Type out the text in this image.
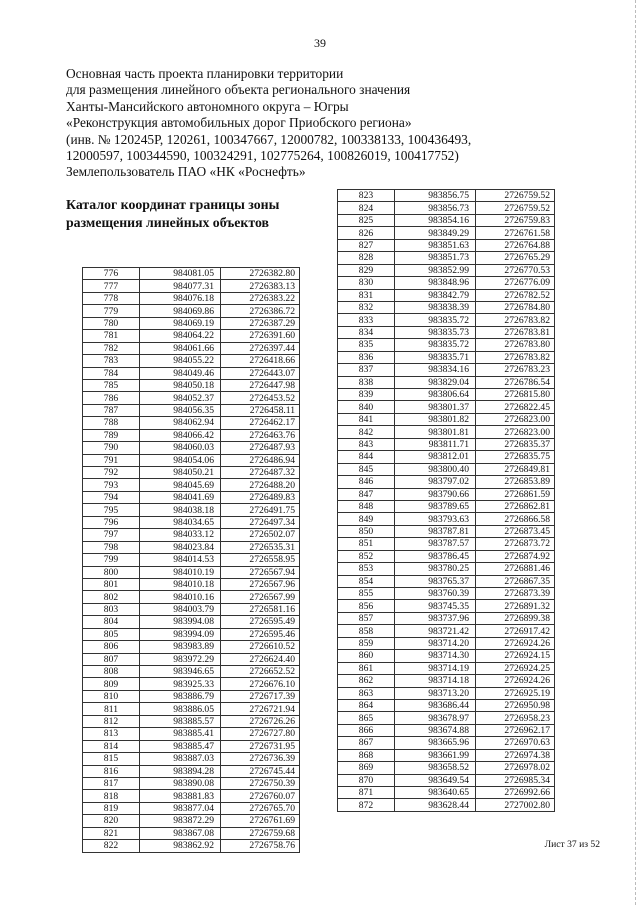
39
Основная часть проекта планировки территории
для размещения линейного объекта регионального значения
Ханты-Мансийского автономного округа – Югры
«Реконструкция автомобильных дорог Приобского региона»
(инв. № 120245Р, 120261, 100347667, 12000782, 100338133, 100436493,
12000597, 100344590, 100324291, 102775264, 100826019, 100417752)
Землепользователь ПАО «НК «Роснефть»
Каталог координат границы зоны
размещения линейных объектов
776	984081.05	2726382.80
777	984077.31	2726383.13
778	984076.18	2726383.22
779	984069.86	2726386.72
780	984069.19	2726387.29
781	984064.22	2726391.60
782	984061.66	2726397.44
783	984055.22	2726418.66
784	984049.46	2726443.07
785	984050.18	2726447.98
786	984052.37	2726453.52
787	984056.35	2726458.11
788	984062.94	2726462.17
789	984066.42	2726463.76
790	984060.03	2726487.93
791	984054.06	2726486.94
792	984050.21	2726487.32
793	984045.69	2726488.20
794	984041.69	2726489.83
795	984038.18	2726491.75
796	984034.65	2726497.34
797	984033.12	2726502.07
798	984023.84	2726535.31
799	984014.53	2726558.95
800	984010.19	2726567.94
801	984010.18	2726567.96
802	984010.16	2726567.99
803	984003.79	2726581.16
804	983994.08	2726595.49
805	983994.09	2726595.46
806	983983.89	2726610.52
807	983972.29	2726624.40
808	983946.65	2726652.52
809	983925.33	2726676.10
810	983886.79	2726717.39
811	983886.05	2726721.94
812	983885.57	2726726.26
813	983885.41	2726727.80
814	983885.47	2726731.95
815	983887.03	2726736.39
816	983894.28	2726745.44
817	983890.08	2726750.39
818	983881.83	2726760.07
819	983877.04	2726765.70
820	983872.29	2726761.69
821	983867.08	2726759.68
822	983862.92	2726758.76
823	983856.75	2726759.52
824	983856.73	2726759.52
825	983854.16	2726759.83
826	983849.29	2726761.58
827	983851.63	2726764.88
828	983851.73	2726765.29
829	983852.99	2726770.53
830	983848.96	2726776.09
831	983842.79	2726782.52
832	983838.39	2726784.80
833	983835.72	2726783.82
834	983835.73	2726783.81
835	983835.72	2726783.80
836	983835.71	2726783.82
837	983834.16	2726783.23
838	983829.04	2726786.54
839	983806.64	2726815.80
840	983801.37	2726822.45
841	983801.82	2726823.00
842	983801.81	2726823.00
843	983811.71	2726835.37
844	983812.01	2726835.75
845	983800.40	2726849.81
846	983797.02	2726853.89
847	983790.66	2726861.59
848	983789.65	2726862.81
849	983793.63	2726866.58
850	983787.81	2726873.45
851	983787.57	2726873.72
852	983786.45	2726874.92
853	983780.25	2726881.46
854	983765.37	2726867.35
855	983760.39	2726873.39
856	983745.35	2726891.32
857	983737.96	2726899.38
858	983721.42	2726917.42
859	983714.20	2726924.26
860	983714.30	2726924.15
861	983714.19	2726924.25
862	983714.18	2726924.26
863	983713.20	2726925.19
864	983686.44	2726950.98
865	983678.97	2726958.23
866	983674.88	2726962.17
867	983665.96	2726970.63
868	983661.99	2726974.38
869	983658.52	2726978.02
870	983649.54	2726985.34
871	983640.65	2726992.66
872	983628.44	2727002.80
Лист 37 из 52
